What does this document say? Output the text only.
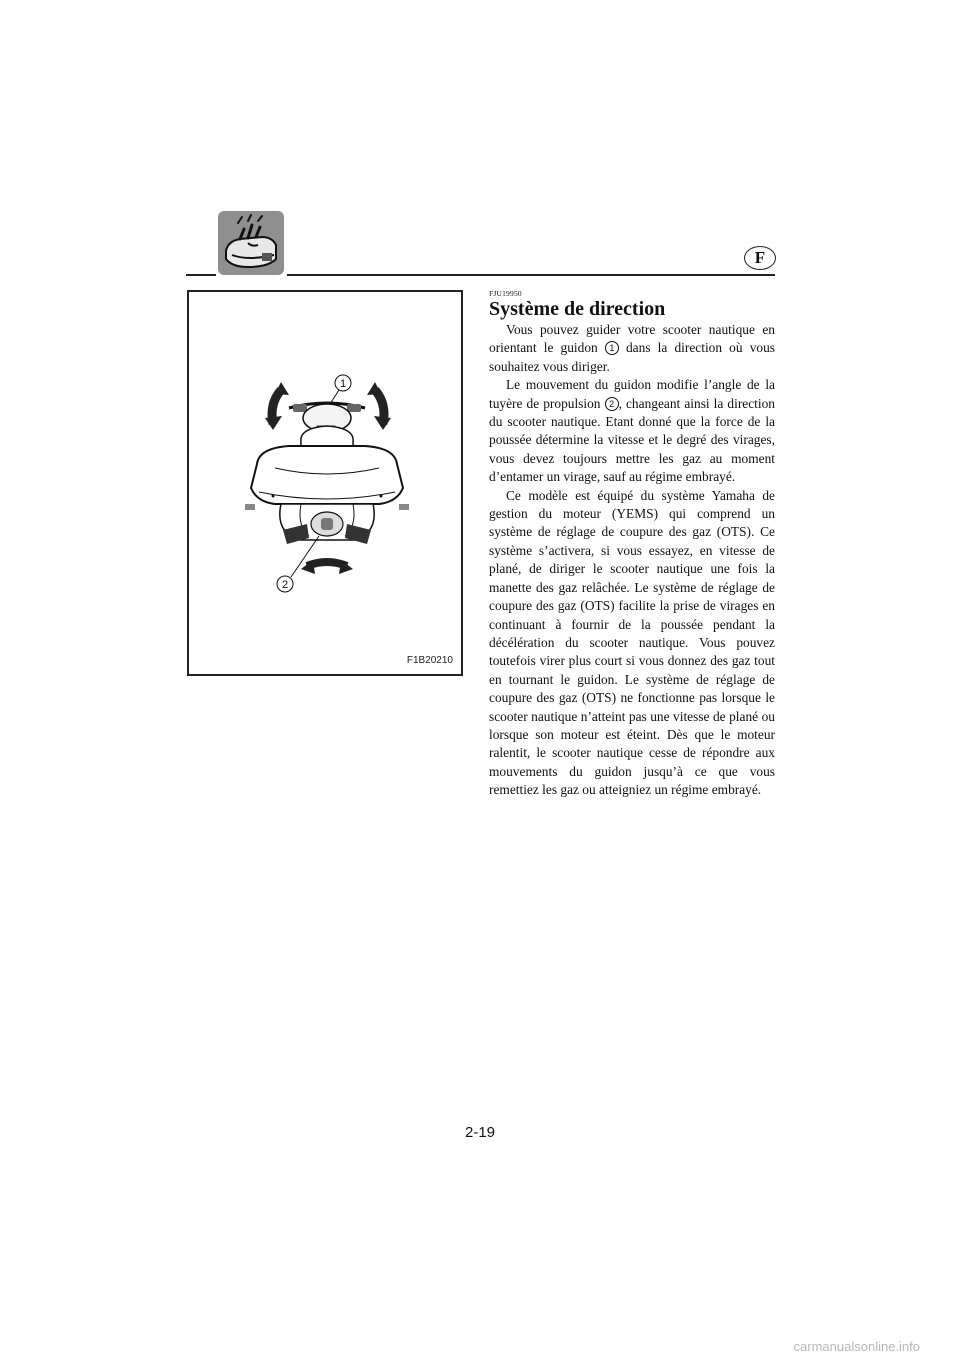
F
1
2
F1B20210
FJU19950
Système de direction

Vous pouvez guider votre scooter nautique en orientant le guidon 1 dans la direction où vous souhaitez vous diriger.

Le mouvement du guidon modifie l’angle de la tuyère de propulsion 2 , changeant ainsi la direction du scooter nautique. Etant donné que la force de la poussée détermine la vitesse et le degré des virages, vous devez toujours mettre les gaz au moment d’entamer un virage, sauf au régime embrayé.

Ce modèle est équipé du système Yamaha de gestion du moteur (YEMS) qui comprend un système de réglage de coupure des gaz (OTS). Ce système s’activera, si vous essayez, en vitesse de plané, de diriger le scooter nautique une fois la manette des gaz relâchée. Le système de réglage de coupure des gaz (OTS) facilite la prise de virages en continuant à fournir de la poussée pendant la décélération du scooter nautique. Vous pouvez toutefois virer plus court si vous donnez des gaz tout en tournant le guidon. Le système de réglage de coupure des gaz (OTS) ne fonctionne pas lorsque le scooter nautique n’atteint pas une vitesse de plané ou lorsque son moteur est éteint. Dès que le moteur ralentit, le scooter nautique cesse de répondre aux mouvements du guidon jusqu’à ce que vous remettiez les gaz ou atteigniez un régime embrayé.

2-19
carmanualsonline.info
